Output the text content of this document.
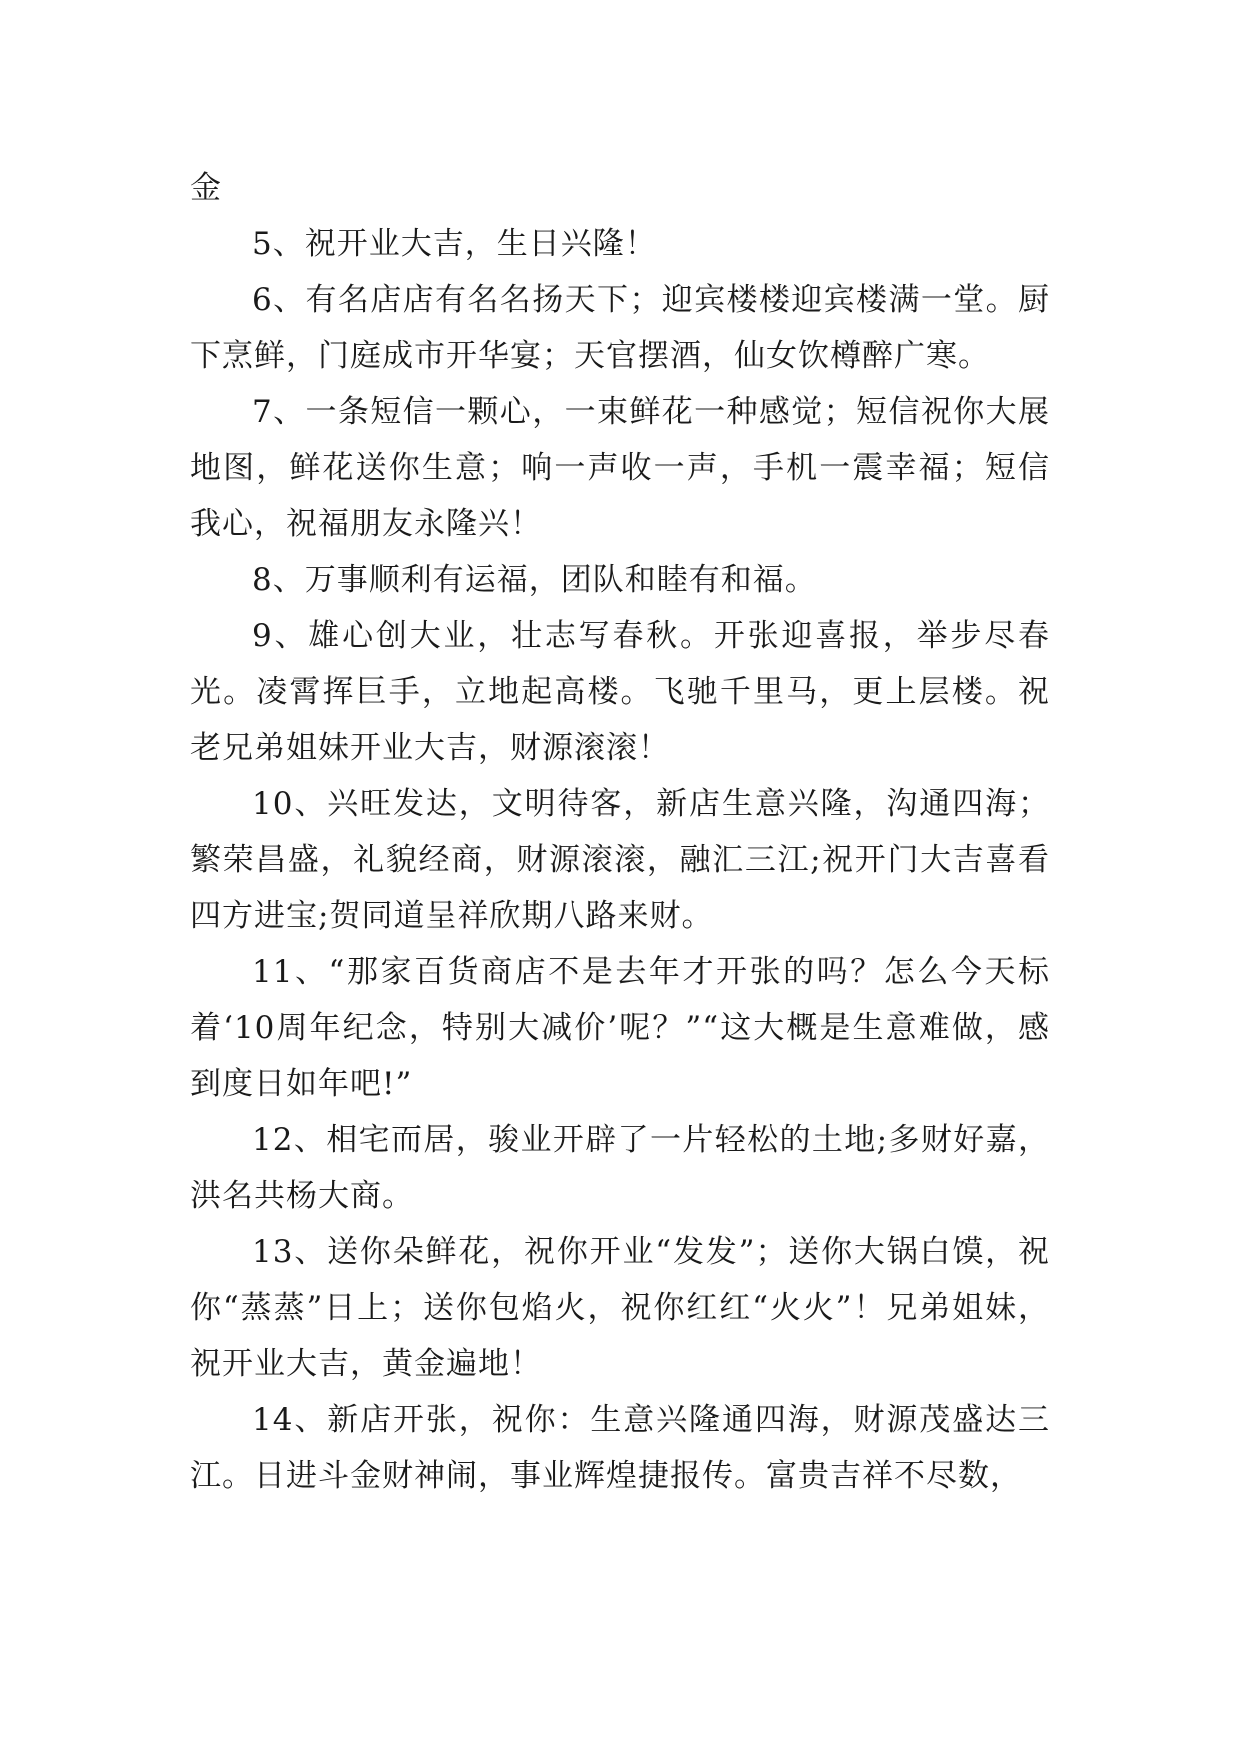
金

5、祝开业大吉，生日兴隆！

6、有名店店有名名扬天下；迎宾楼楼迎宾楼满一堂。厨下烹鲜，门庭成市开华宴；天官摆酒，仙女饮樽醉广寒。

7、一条短信一颗心，一束鲜花一种感觉；短信祝你大展地图，鲜花送你生意；响一声收一声，手机一震幸福；短信我心，祝福朋友永隆兴！

8、万事顺利有运福，团队和睦有和福。

9、雄心创大业，壮志写春秋。开张迎喜报，举步尽春光。凌霄挥巨手，立地起高楼。飞驰千里马，更上层楼。祝老兄弟姐妹开业大吉，财源滚滚！

10、兴旺发达，文明待客，新店生意兴隆，沟通四海；繁荣昌盛，礼貌经商，财源滚滚，融汇三江;祝开门大吉喜看四方进宝;贺同道呈祥欣期八路来财。

11、“那家百货商店不是去年才开张的吗？怎么今天标着‘10周年纪念，特别大减价’呢？”“这大概是生意难做，感到度日如年吧!”

12、相宅而居，骏业开辟了一片轻松的土地;多财好嘉，洪名共杨大商。

13、送你朵鲜花，祝你开业“发发”；送你大锅白馍，祝你“蒸蒸”日上；送你包焰火，祝你红红“火火”！兄弟姐妹，祝开业大吉，黄金遍地！

14、新店开张，祝你：生意兴隆通四海，财源茂盛达三江。日进斗金财神闹，事业辉煌捷报传。富贵吉祥不尽数，
